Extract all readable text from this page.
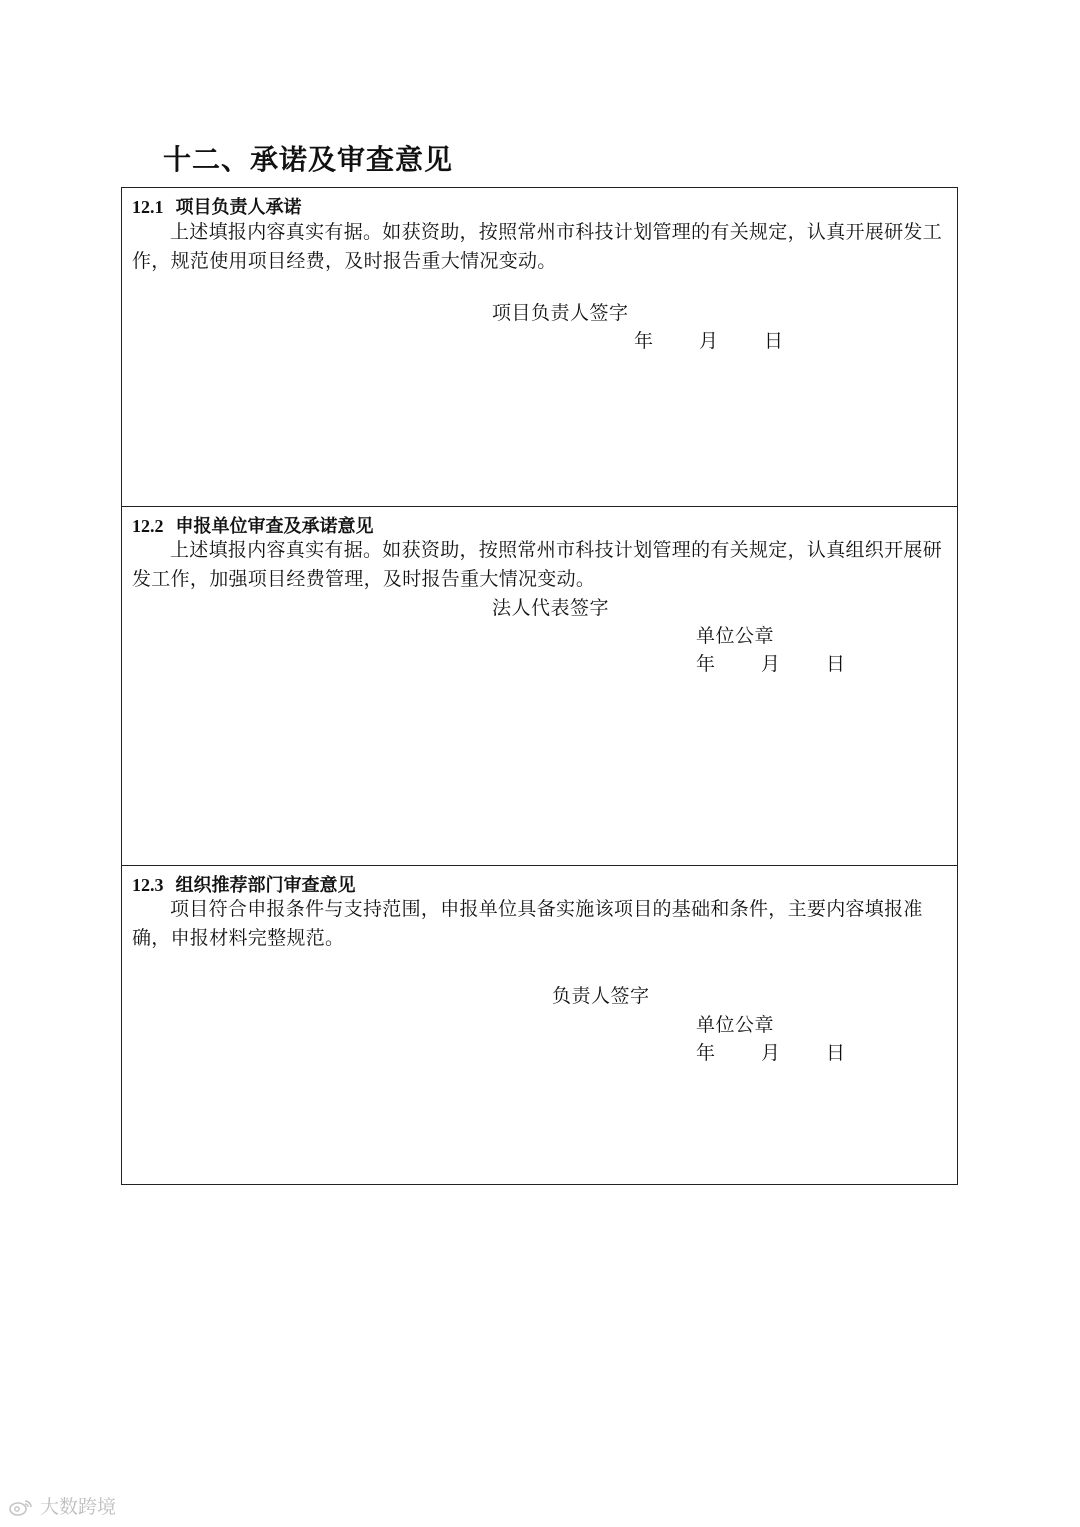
十二、承诺及审查意见
12.1 项目负责人承诺
上述填报内容真实有据。如获资助，按照常州市科技计划管理的有关规定，认真开展研发工作，规范使用项目经费，及时报告重大情况变动。
项目负责人签字
年 月 日
12.2 申报单位审查及承诺意见
上述填报内容真实有据。如获资助，按照常州市科技计划管理的有关规定，认真组织开展研发工作，加强项目经费管理，及时报告重大情况变动。
法人代表签字
单位公章
年 月 日
12.3 组织推荐部门审查意见
项目符合申报条件与支持范围，申报单位具备实施该项目的基础和条件，主要内容填报准确，申报材料完整规范。
负责人签字
单位公章
年 月 日
大数跨境
